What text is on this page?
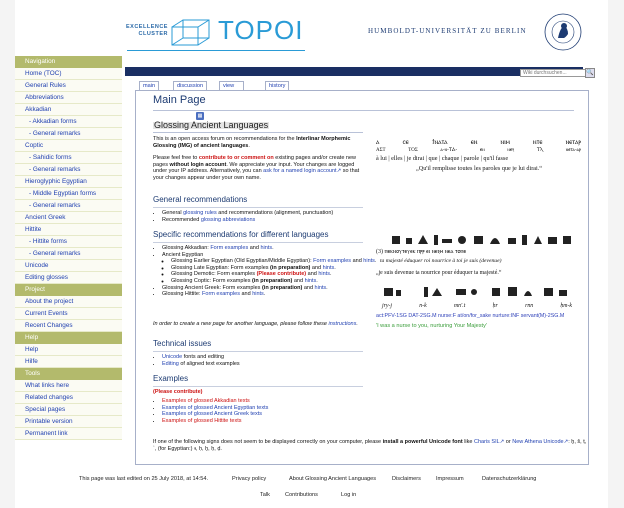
EXCELLENCE
CLUSTER TOPOI	HUMBOLDT-UNIVERSITÄT ZU BERLIN
Navigation
Home (TOC)
General Rules
Abbreviations
Akkadian
- Akkadian forms
- General remarks
Coptic
- Sahidic forms
- General remarks
Hieroglyphic Egyptian
- Middle Egyptian forms
- General remarks
Ancient Greek
Hittite
- Hittite forms
- General remarks
Unicode
Editing glosses
Project
About the project
Current Events
Recent Changes
Help
Help
Hilfe
Tools
What links here
Related changes
Special pages
Printable version
Permanent link
Wiki durchsuchen...
🔍
main	discussion	view	history
Main Page
▦
Glossing Ancient Languages
This is an open access forum on recommendations for the Interlinar Morphemic Glossing (IMG) of ancient languages.
Please feel free to contribute to or comment on existing pages and/or create new pages without login account. We appreciate your input. Your changes are logged under your IP address. Alternatively, you can ask for a named login account↗ so that your changes appear under your own name.
General recommendations
• General glossing rules and recommendations (alignment, punctuation)
• Recommended glossing abbreviations
Specific recommendations for different languages
• Glossing Akkadian: Form examples and hints.
• Ancient Egyptian
◦ Glossing Earlier Egyptian (Old Egyptian/Middle Egyptian): Form examples and hints.
◦ Glossing Late Egyptian: Form examples (in preparation) and hints.
◦ Glossing Demotic: Form examples (Please contribute) and hints.
◦ Glossing Coptic: Form examples (in preparation) and hints.
• Glossing Ancient Greek: Form examples (in preparation) and hints.
• Glossing Hittite: Form examples and hints.
In order to create a new page for another language, please follow these instructions.
Technical issues
• Unicode fonts and editing
• Editing of aligned text examples
Examples
(Please contribute)
• Examples of glossed Akkadian texts
• Examples of glossed Ancient Egyptian texts
• Examples of glossed Ancient Greek texts
• Examples of glossed Hittite texts
If one of the following signs does not seem to be displayed correctly on your computer, please install a powerful Unicode font like Charis SIL↗ or New Athena Unicode↗: ḫ, š, ṭ, ʾ, (for Egyptian:) ꜣ, ḥ, ḫ, ẖ, ḏ.
ⲁ	ⲥⲉ	ϯⲛⲁⲧⲁ	ⲉⲛ	ⲛⲓⲙ	ⲛⲧⲉ	ⲛⲉⲧⲁⲣ
ΑΣΤ	ΤΟΣ	ⲁ-ⲛ-ⲦⲀ-	ⲉⲛ	ⲛⲉⲝ	ⲦⲖ	ⲛⲉⲧⲁ-ⲁⲣ
à lui | elles | je dirai | que | chaque | parole | qu'il fasse
„Qu'il remplisse toutes les paroles que je lui dirai.“
(3) ⲡⲉⲕⲛⲟⲩⲧⲉⲩⲉⲕ ⲡⲣⲣ ⲉⲓ ⲛⲉⲝⲙ ⲛⲉⲁ ⲧⲟⲡⲉ
ta majesté éduquer roi nourrice à toi je suis (devenue)
„je suis devenue ta nourrice pour éduquer ta majesté.“
jry-j	n-k	mn'.t	ḥr	rnn	ḥm-k
act:PFV-1SG DAT-2SG.M nurse:F at/on/for_sake nurture:INF servant(M)-2SG.M
'I was a nurse to you, nurturing Your Majesty'
This page was last edited on 25 July 2018, at 14:54.	Privacy policy	About Glossing Ancient Languages	Disclaimers	Impressum	Datenschutzerklärung
Talk	Contributions	Log in
